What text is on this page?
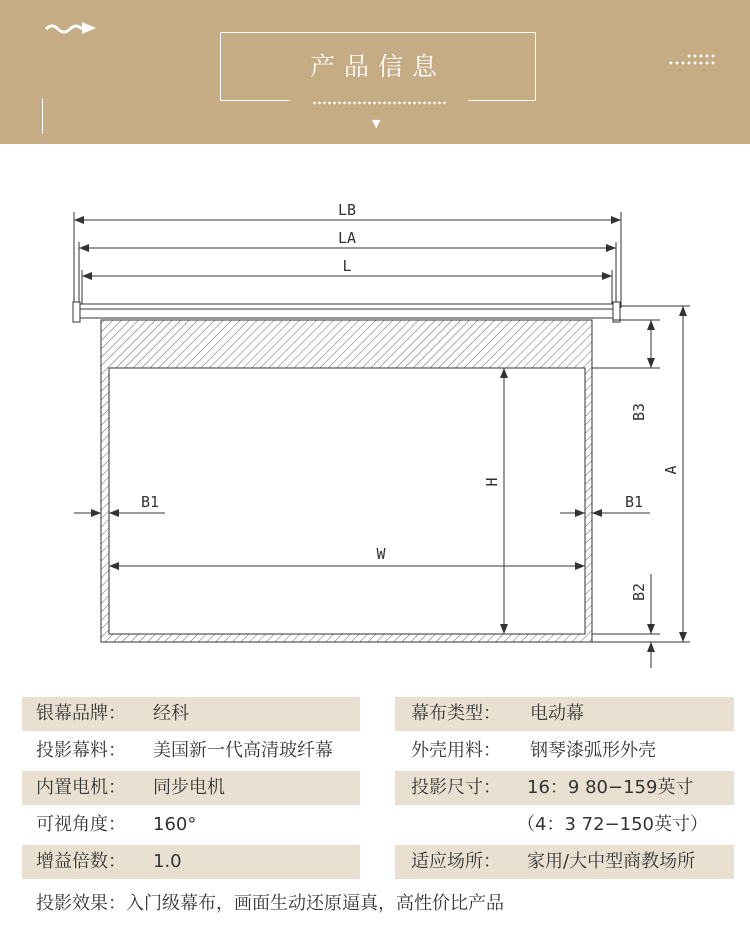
产品信息
▼
LB
LA
L
B3
H
A
B1	B1
W
B2
银幕品牌： 经科	幕布类型： 电动幕
投影幕料： 美国新一代高清玻纤幕	外壳用料： 钢琴漆弧形外壳
内置电机： 同步电机	投影尺寸： 16：9 80−159英寸
可视角度： 160°	（4：3 72−150英寸）
增益倍数： 1.0	适应场所： 家用/大中型商教场所
投影效果： 入门级幕布，画面生动还原逼真，高性价比产品
